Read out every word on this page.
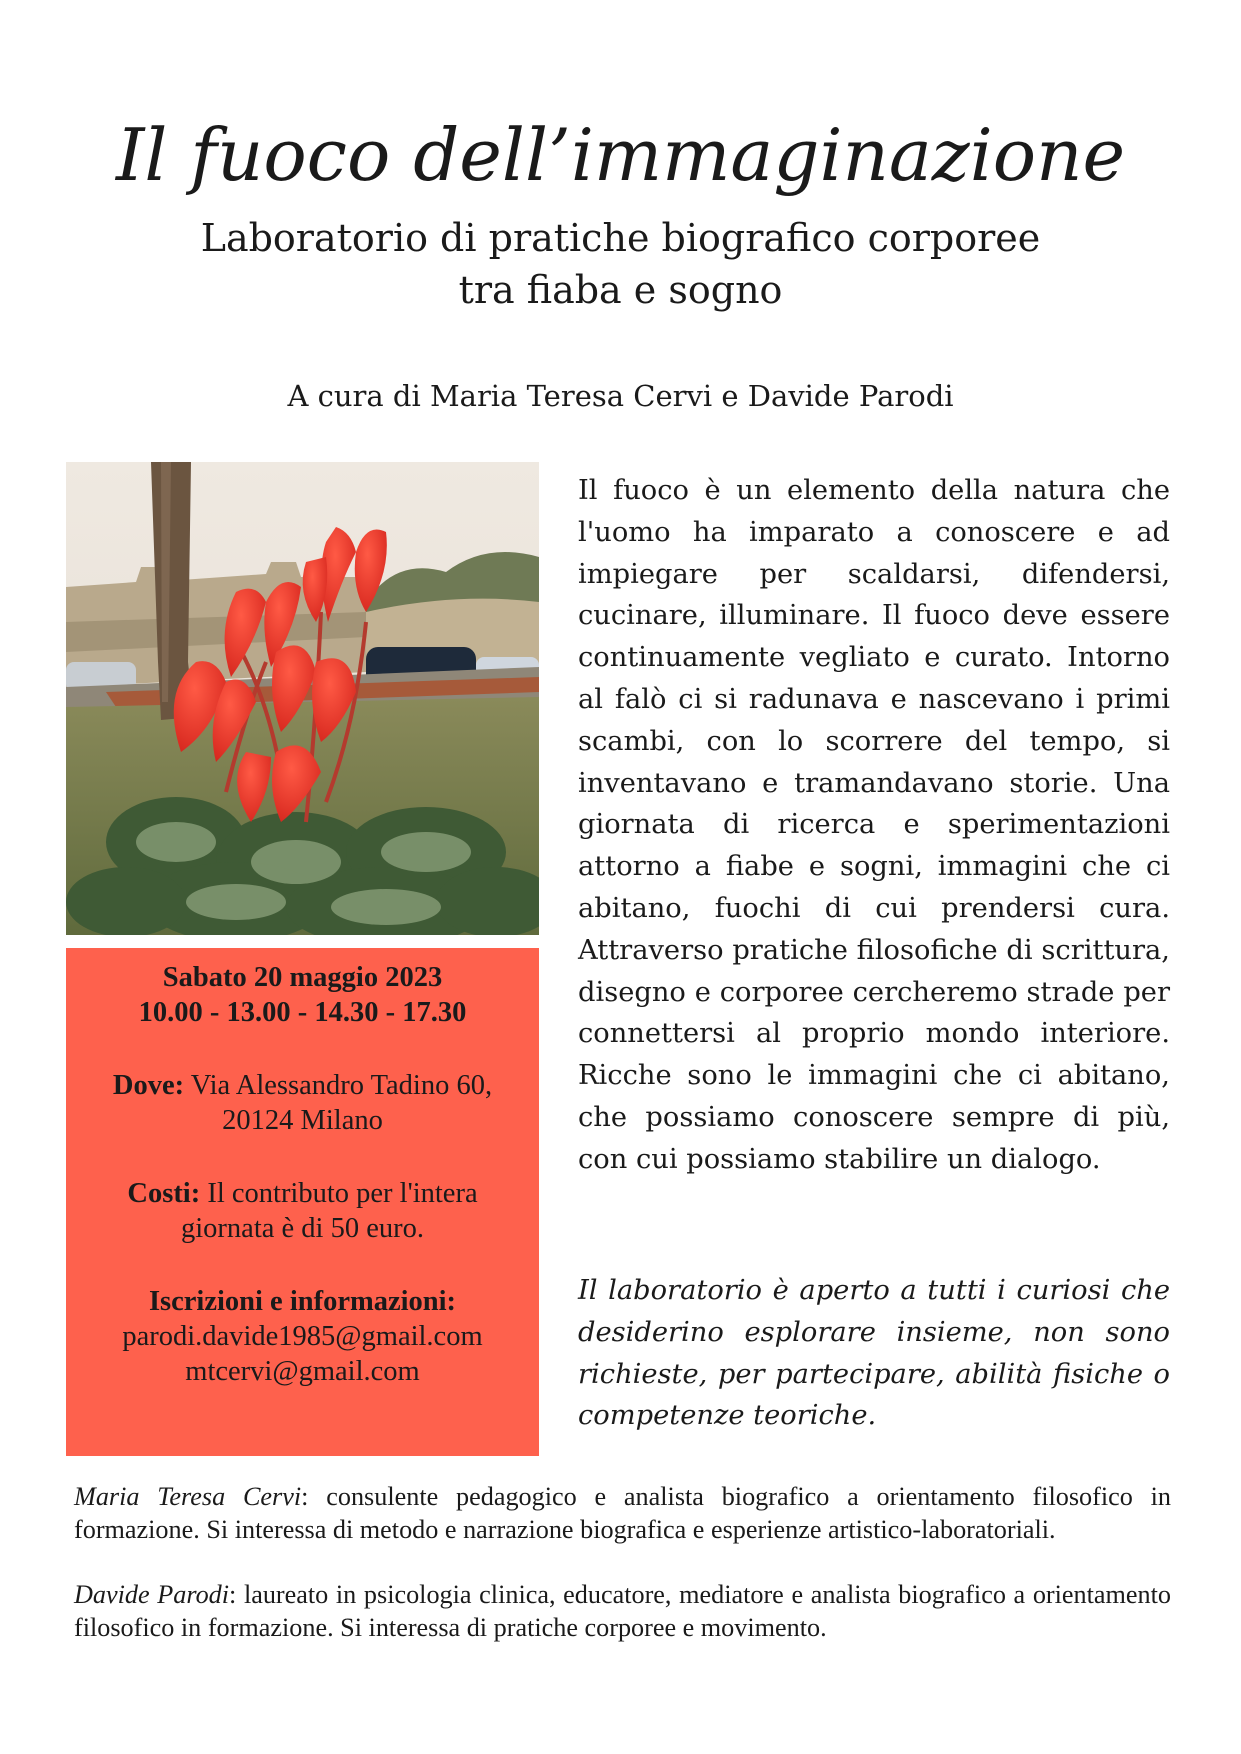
Il fuoco dell’immaginazione
Laboratorio di pratiche biografico corporee
tra fiaba e sogno
A cura di Maria Teresa Cervi e Davide Parodi
Sabato 20 maggio 2023
10.00 - 13.00 - 14.30 - 17.30
Dove: Via Alessandro Tadino 60,
20124 Milano
Costi: Il contributo per l'intera
giornata è di 50 euro.
Iscrizioni e informazioni:
parodi.davide1985@gmail.com
mtcervi@gmail.com

Il fuoco è un elemento della natura che l'uomo ha imparato a conoscere e ad impiegare per scaldarsi, difendersi, cucinare, illuminare. Il fuoco deve essere continuamente vegliato e curato. Intorno al falò ci si radunava e nascevano i primi scambi, con lo scorrere del tempo, si inventavano e tramandavano storie. Una giornata di ricerca e sperimentazioni attorno a fiabe e sogni, immagini che ci abitano, fuochi di cui prendersi cura. Attraverso pratiche filosofiche di scrittura, disegno e corporee cercheremo strade per connettersi al proprio mondo interiore. Ricche sono le immagini che ci abitano, che possiamo conoscere sempre di più, con cui possiamo stabilire un dialogo.

Il laboratorio è aperto a tutti i curiosi che desiderino esplorare insieme, non sono richieste, per partecipare, abilità fisiche o competenze teoriche.

Maria Teresa Cervi: consulente pedagogico e analista biografico a orientamento filosofico in formazione. Si interessa di metodo e narrazione biografica e esperienze artistico-laboratoriali.

Davide Parodi: laureato in psicologia clinica, educatore, mediatore e analista biografico a orientamento filosofico in formazione. Si interessa di pratiche corporee e movimento.
